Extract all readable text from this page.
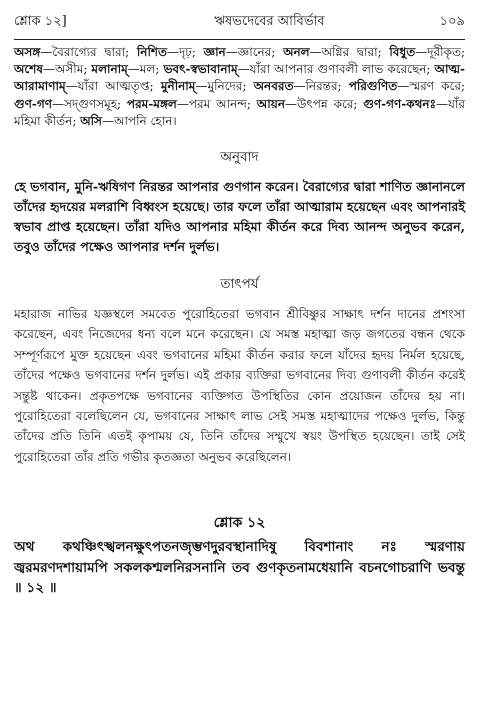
শ্লোক ১২]	ঋষভদেবের আবির্ভাব	১০৯
অসঙ্গ—বৈরাগ্যের দ্বারা; নিশিত—দৃঢ়; জ্ঞান—জ্ঞানের; অনল—অগ্নির দ্বারা; বিধুত—দূরীকৃত; অশেষ—অসীম; মলানাম্—মল; ভবৎ-স্বভাবানাম্—যাঁরা আপনার গুণাবলী লাভ করেছেন; আত্ম-আরামাণাম্—যাঁরা আত্মতৃপ্ত; মুনীনাম্—মুনিদের; অনবরত—নিরন্তর; পরিগুণিত—স্মরণ করে; গুণ-গণ—সদ্গুণসমূহ; পরম-মঙ্গল—পরম আনন্দ; আয়ন—উৎপন্ন করে; গুণ-গণ-কথনঃ—যাঁর মহিমা কীর্তন; অসি—আপনি হোন।
অনুবাদ
হে ভগবান, মুনি-ঋষিগণ নিরন্তর আপনার গুণগান করেন। বৈরাগ্যের দ্বারা শাণিত জ্ঞানানলে তাঁদের হৃদয়ের মলরাশি বিধ্বংস হয়েছে। তার ফলে তাঁরা আত্মারাম হয়েছেন এবং আপনারই স্বভাব প্রাপ্ত হয়েছেন। তাঁরা যদিও আপনার মহিমা কীর্তন করে দিব্য আনন্দ অনুভব করেন, তবুও তাঁদের পক্ষেও আপনার দর্শন দুর্লভ।
তাৎপর্য
মহারাজ নাভির যজ্ঞস্থলে সমবেত পুরোহিতেরা ভগবান শ্রীবিষ্ণুর সাক্ষাৎ দর্শন দানের প্রশংসা করেছেন, এবং নিজেদের ধন্য বলে মনে করেছেন। যে সমস্ত মহাত্মা জড় জগতের বন্ধন থেকে সম্পূর্ণরূপে মুক্ত হয়েছেন এবং ভগবানের মহিমা কীর্তন করার ফলে যাঁদের হৃদয় নির্মল হয়েছে, তাঁদের পক্ষেও ভগবানের দর্শন দুর্লভ। এই প্রকার ব্যক্তিরা ভগবানের দিব্য গুণাবলী কীর্তন করেই সন্তুষ্ট থাকেন। প্রকৃতপক্ষে ভগবানের ব্যক্তিগত উপস্থিতির কোন প্রয়োজন তাঁদের হয় না। পুরোহিতেরা বলেছিলেন যে, ভগবানের সাক্ষাৎ লাভ সেই সমস্ত মহাত্মাদের পক্ষেও দুর্লভ, কিন্তু তাঁদের প্রতি তিনি এতই কৃপাময় যে, তিনি তাঁদের সম্মুখে স্বয়ং উপস্থিত হয়েছেন। তাই সেই পুরোহিতেরা তাঁর প্রতি গভীর কৃতজ্ঞতা অনুভব করেছিলেন।
শ্লোক ১২
অথ কথঞ্চিৎস্খলনক্ষুৎপতনজৃম্ভণদুরবস্থানাদিষু বিবশানাং নঃ স্মরণায় জ্বরমরণদশায়ামপি সকলকশ্মলনিরসনানি তব গুণকৃতনামধেয়ানি বচনগোচরাণি ভবন্তু ॥ ১২ ॥
